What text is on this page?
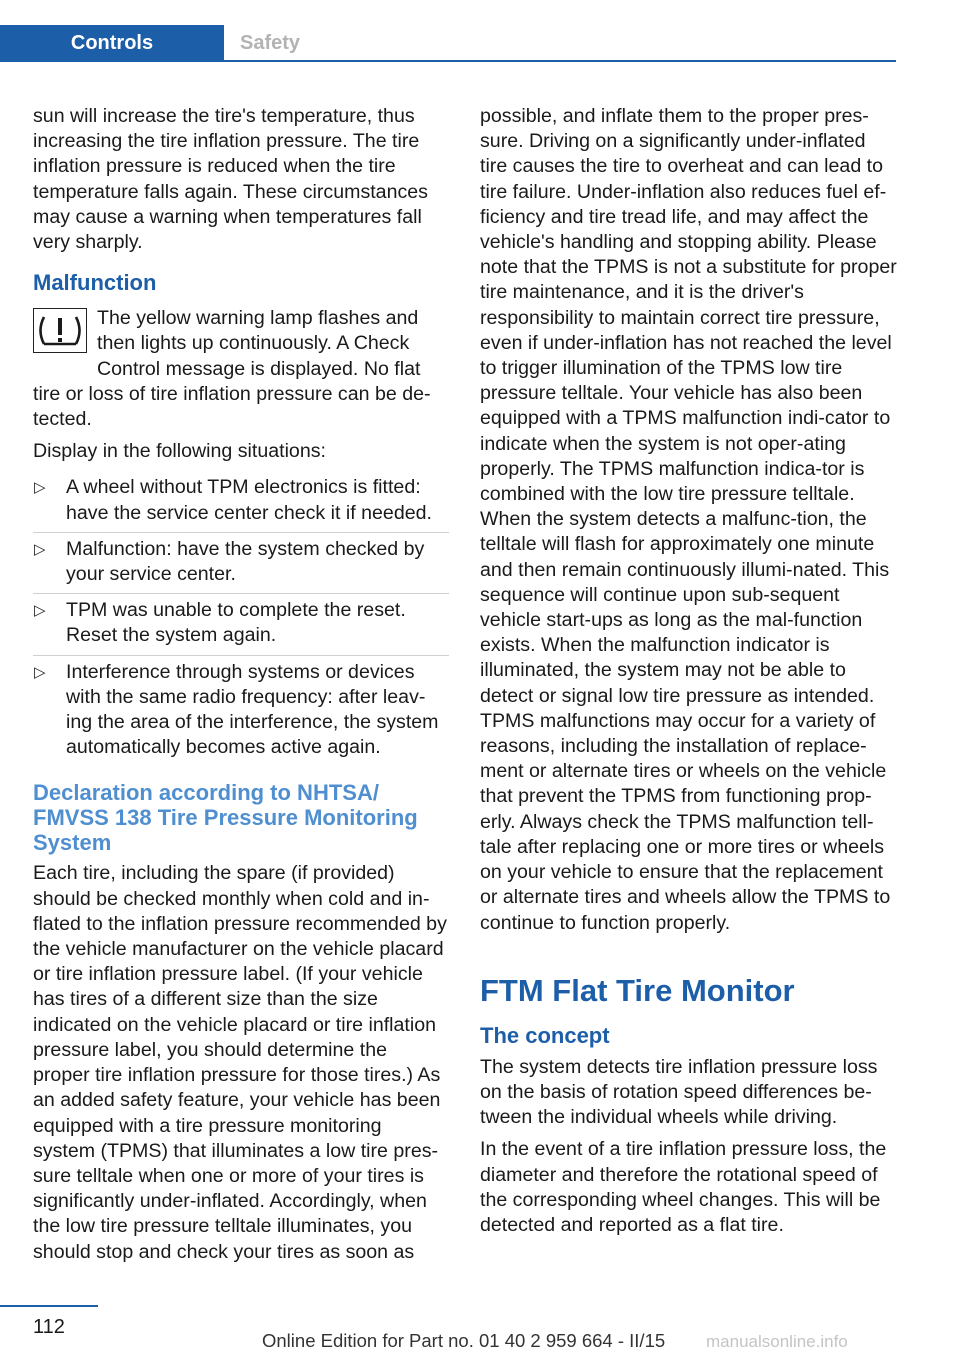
Controls	Safety

sun will increase the tire's temperature, thus increasing the tire inflation pressure. The tire inflation pressure is reduced when the tire temperature falls again. These circumstances may cause a warning when temperatures fall very sharply.

Malfunction

The yellow warning lamp flashes and then lights up continuously. A Check Control message is displayed. No flat tire or loss of tire inflation pressure can be de‐tected.

Display in the following situations:

▷ A wheel without TPM electronics is fitted: have the service center check it if needed.
▷ Malfunction: have the system checked by your service center.
▷ TPM was unable to complete the reset. Reset the system again.
▷ Interference through systems or devices with the same radio frequency: after leav‐ing the area of the interference, the system automatically becomes active again.
Declaration according to NHTSA/ FMVSS 138 Tire Pressure Monitoring System

Each tire, including the spare (if provided) should be checked monthly when cold and in‐flated to the inflation pressure recommended by the vehicle manufacturer on the vehicle placard or tire inflation pressure label. (If your vehicle has tires of a different size than the size indicated on the vehicle placard or tire inflation pressure label, you should determine the proper tire inflation pressure for those tires.) As an added safety feature, your vehicle has been equipped with a tire pressure monitoring system (TPMS) that illuminates a low tire pres‐sure telltale when one or more of your tires is significantly under-inflated. Accordingly, when the low tire pressure telltale illuminates, you should stop and check your tires as soon as

possible, and inflate them to the proper pres‐sure. Driving on a significantly under-inflated tire causes the tire to overheat and can lead to tire failure. Under-inflation also reduces fuel ef‐ficiency and tire tread life, and may affect the vehicle's handling and stopping ability. Please note that the TPMS is not a substitute for proper tire maintenance, and it is the driver's responsibility to maintain correct tire pressure, even if under-inflation has not reached the level to trigger illumination of the TPMS low tire pressure telltale. Your vehicle has also been equipped with a TPMS malfunction indi‐cator to indicate when the system is not oper‐ating properly. The TPMS malfunction indica‐tor is combined with the low tire pressure telltale. When the system detects a malfunc‐tion, the telltale will flash for approximately one minute and then remain continuously illumi‐nated. This sequence will continue upon sub‐sequent vehicle start-ups as long as the mal‐function exists. When the malfunction indicator is illuminated, the system may not be able to detect or signal low tire pressure as intended. TPMS malfunctions may occur for a variety of reasons, including the installation of replace‐ment or alternate tires or wheels on the vehicle that prevent the TPMS from functioning prop‐erly. Always check the TPMS malfunction tell‐tale after replacing one or more tires or wheels on your vehicle to ensure that the replacement or alternate tires and wheels allow the TPMS to continue to function properly.

FTM Flat Tire Monitor
The concept

The system detects tire inflation pressure loss on the basis of rotation speed differences be‐tween the individual wheels while driving.

In the event of a tire inflation pressure loss, the diameter and therefore the rotational speed of the corresponding wheel changes. This will be detected and reported as a flat tire.

112
Online Edition for Part no. 01 40 2 959 664 - II/15 manualsonline.info
